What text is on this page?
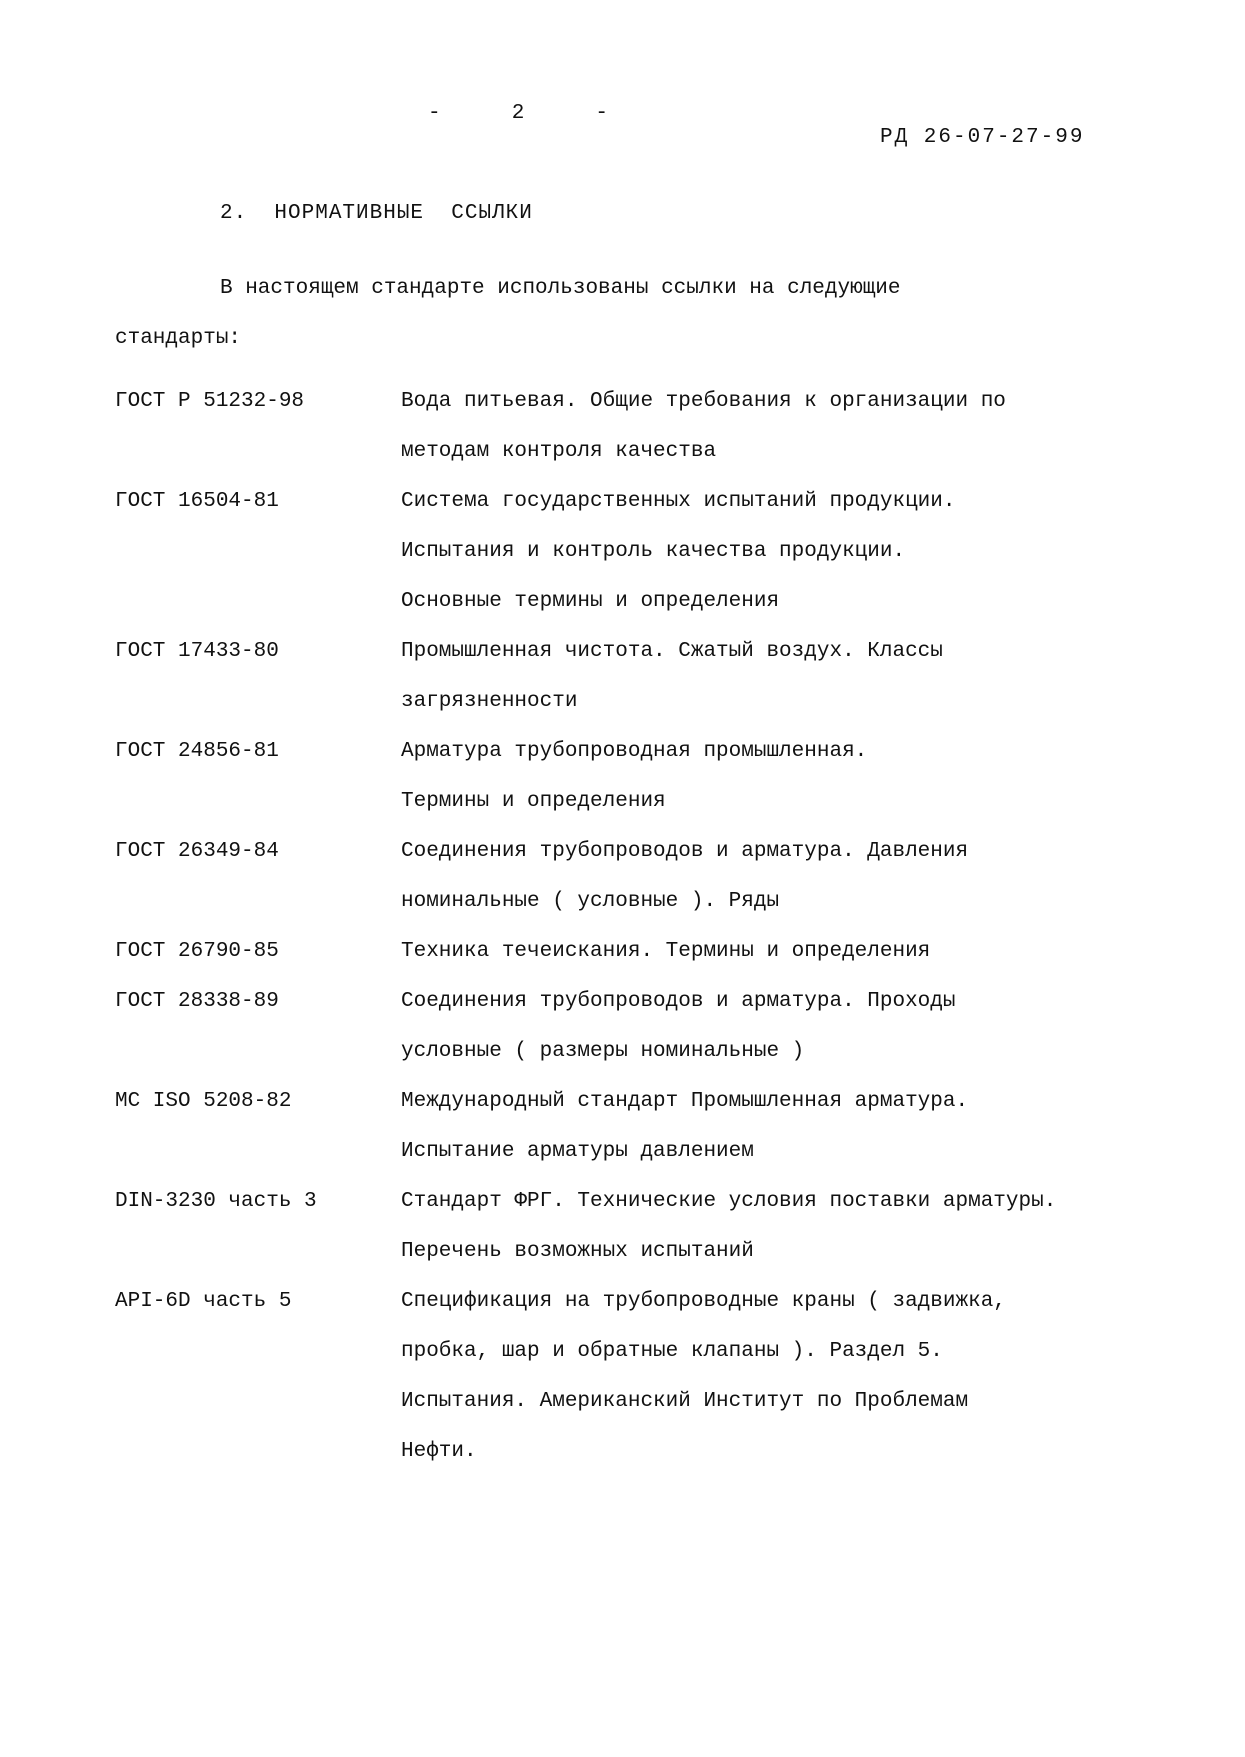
-	2	-
РД 26-07-27-99
2.  НОРМАТИВНЫЕ  ССЫЛКИ
В настоящем стандарте использованы ссылки на следующие
стандарты:
ГОСТ Р 51232-98	Вода питьевая. Общие требования к организации по
методам контроля качества
ГОСТ 16504-81	Система государственных испытаний продукции.
Испытания и контроль качества продукции.
Основные термины и определения
ГОСТ 17433-80	Промышленная чистота. Сжатый воздух. Классы
загрязненности
ГОСТ 24856-81	Арматура трубопроводная промышленная.
Термины и определения
ГОСТ 26349-84	Соединения трубопроводов и арматура. Давления
номинальные ( условные ). Ряды
ГОСТ 26790-85	Техника течеискания. Термины и определения
ГОСТ 28338-89	Соединения трубопроводов и арматура. Проходы
условные ( размеры номинальные )
МС ISO 5208-82	Международный стандарт Промышленная арматура.
Испытание арматуры давлением
DIN-3230 часть 3	Стандарт ФРГ. Технические условия поставки арматуры.
Перечень возможных испытаний
API-6D часть 5	Спецификация на трубопроводные краны ( задвижка,
пробка, шар и обратные клапаны ). Раздел 5.
Испытания. Американский Институт по Проблемам
Нефти.
